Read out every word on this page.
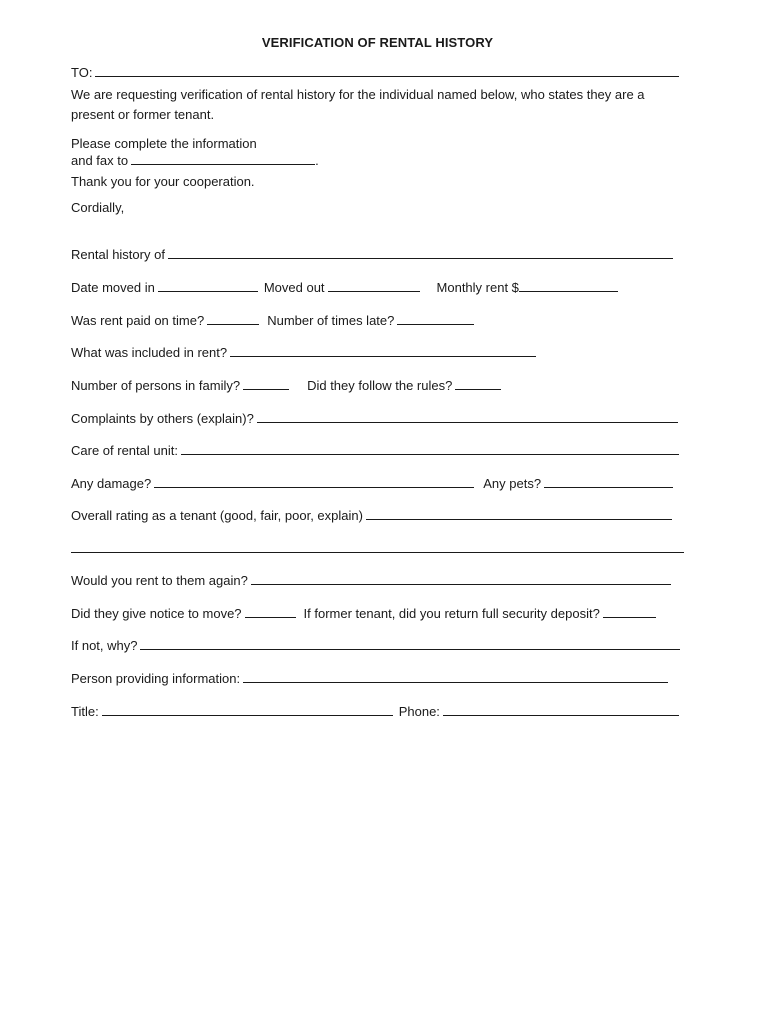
VERIFICATION OF RENTAL HISTORY
TO:
We are requesting verification of rental history for the individual named below, who states they are a
present or former tenant.
Please complete the information
and fax to	.
Thank you for your cooperation.
Cordially,
Rental history of
Date moved in	Moved out	Monthly rent $
Was rent paid on time?	Number of times late?
What was included in rent?
Number of persons in family?	Did they follow the rules?
Complaints by others (explain)?
Care of rental unit:
Any damage?	Any pets?
Overall rating as a tenant (good, fair, poor, explain)
Would you rent to them again?
Did they give notice to move?	If former tenant, did you return full security deposit?
If not, why?
Person providing information:
Title:	Phone:
